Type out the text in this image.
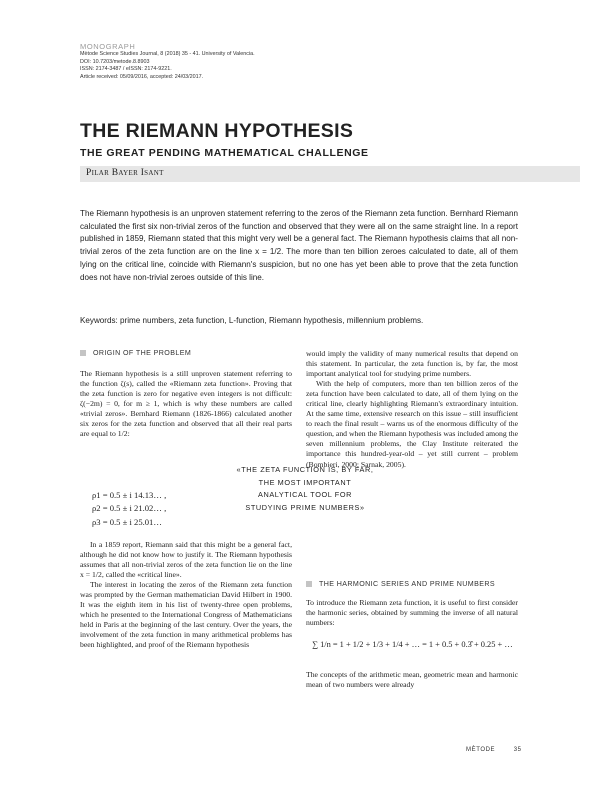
MONOGRAPH
Mètode Science Studies Journal, 8 (2018) 35 - 41. University of Valencia.
DOI: 10.7203/metode.8.8903
ISSN: 2174-3487 / eISSN: 2174-9221.
Article received: 05/09/2016, accepted: 24/03/2017.
THE RIEMANN HYPOTHESIS
THE GREAT PENDING MATHEMATICAL CHALLENGE
Pilar Bayer Isant

The Riemann hypothesis is an unproven statement referring to the zeros of the Riemann zeta function. Bernhard Riemann calculated the first six non-trivial zeros of the function and observed that they were all on the same straight line. In a report published in 1859, Riemann stated that this might very well be a general fact. The Riemann hypothesis claims that all non-trivial zeros of the zeta function are on the line x = 1/2. The more than ten billion zeroes calculated to date, all of them lying on the critical line, coincide with Riemann's suspicion, but no one has yet been able to prove that the zeta function does not have non-trivial zeroes outside of this line.

Keywords: prime numbers, zeta function, L-function, Riemann hypothesis, millennium problems.
ORIGIN OF THE PROBLEM

The Riemann hypothesis is a still unproven statement referring to the function ζ(s), called the «Riemann zeta function». Proving that the zeta function is zero for negative even integers is not difficult: ζ(−2m) = 0, for m ≥ 1, which is why these numbers are called «trivial zeros». Bernhard Riemann (1826-1866) calculated another six zeros for the zeta function and observed that all their real parts are equal to 1/2:

ρ1 = 0.5 ± i 14.13… ,
ρ2 = 0.5 ± i 21.02… ,
ρ3 = 0.5 ± i 25.01…

In a 1859 report, Riemann said that this might be a general fact, although he did not know how to justify it. The Riemann hypothesis assumes that all non-trivial zeros of the zeta function lie on the line x = 1/2, called the «critical line».

The interest in locating the zeros of the Riemann zeta function was prompted by the German mathematician David Hilbert in 1900. It was the eighth item in his list of twenty-three open problems, which he presented to the International Congress of Mathematicians held in Paris at the beginning of the last century. Over the years, the involvement of the zeta function in many arithmetical problems has been highlighted, and proof of the Riemann hypothesis

would imply the validity of many numerical results that depend on this statement. In particular, the zeta function is, by far, the most important analytical tool for studying prime numbers.

With the help of computers, more than ten billion zeros of the zeta function have been calculated to date, all of them lying on the critical line, clearly highlighting Riemann's extraordinary intuition. At the same time, extensive research on this issue – still insufficient to reach the final result – warns us of the enormous difficulty of the question, and when the Riemann hypothesis was included among the seven millennium problems, the Clay Institute reiterated the importance this hundred-year-old – yet still current – problem (Bombieri, 2000; Sarnak, 2005).

«THE ZETA FUNCTION IS, BY FAR, THE MOST IMPORTANT ANALYTICAL TOOL FOR STUDYING PRIME NUMBERS»
THE HARMONIC SERIES AND PRIME NUMBERS

To introduce the Riemann zeta function, it is useful to first consider the harmonic series, obtained by summing the inverse of all natural numbers:

∑ 1/n = 1 + 1/2 + 1/3 + 1/4 + … = 1 + 0.5 + 0.3̂ + 0.25 + …

The concepts of the arithmetic mean, geometric mean and harmonic mean of two numbers were already

MÈTODE	35
